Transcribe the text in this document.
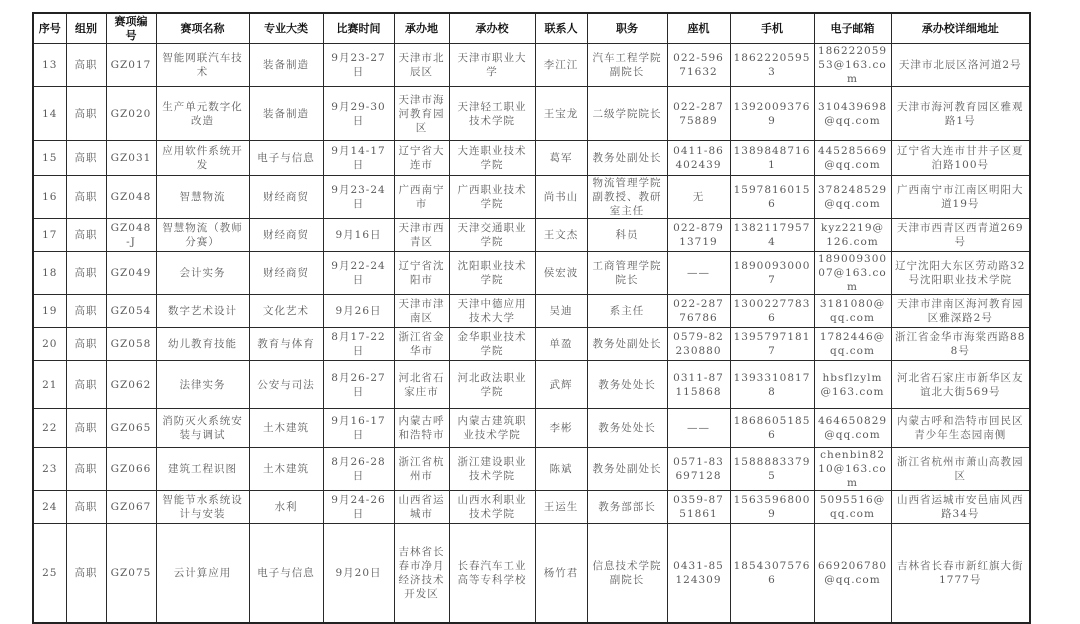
序号	组别	赛项编号	赛项名称	专业大类	比赛时间	承办地	承办校	联系人	职务	座机	手机	电子邮箱	承办校详细地址
13	高职	GZ017	智能网联汽车技术	装备制造	9月23-27日	天津市北辰区	天津市职业大学	李江江	汽车工程学院副院长	022-59671632	18622205953	18622205953@163.com	天津市北辰区洛河道2号
14	高职	GZ020	生产单元数字化改造	装备制造	9月29-30日	天津市海河教育园区	天津轻工职业技术学院	王宝龙	二级学院院长	022-28775889	13920093769	310439698@qq.com	天津市海河教育园区雅观路1号
15	高职	GZ031	应用软件系统开发	电子与信息	9月14-17日	辽宁省大连市	大连职业技术学院	葛军	教务处副处长	0411-86402439	13898487161	445285669@qq.com	辽宁省大连市甘井子区夏泊路100号
16	高职	GZ048	智慧物流	财经商贸	9月23-24日	广西南宁市	广西职业技术学院	尚书山	物流管理学院副教授、教研室主任	无	15978160156	378248529@qq.com	广西南宁市江南区明阳大道19号
17	高职	GZ048-J	智慧物流（教师分赛）	财经商贸	9月16日	天津市西青区	天津交通职业学院	王文杰	科员	022-87913719	13821179574	kyz2219@126.com	天津市西青区西青道269号
18	高职	GZ049	会计实务	财经商贸	9月22-24日	辽宁省沈阳市	沈阳职业技术学院	侯宏波	工商管理学院院长	——	18900930007	18900930007@163.com	辽宁沈阳大东区劳动路32号沈阳职业技术学院
19	高职	GZ054	数字艺术设计	文化艺术	9月26日	天津市津南区	天津中德应用技术大学	吴迪	系主任	022-28776786	13002277836	3181080@qq.com	天津市津南区海河教育园区雅深路2号
20	高职	GZ058	幼儿教育技能	教育与体育	8月17-22日	浙江省金华市	金华职业技术学院	单盈	教务处副处长	0579-82230880	13957971817	1782446@qq.com	浙江省金华市海棠西路888号
21	高职	GZ062	法律实务	公安与司法	8月26-27日	河北省石家庄市	河北政法职业学院	武辉	教务处处长	0311-87115868	13933108178	hbsflzylm@163.com	河北省石家庄市新华区友谊北大街569号
22	高职	GZ065	消防灭火系统安装与调试	土木建筑	9月16-17日	内蒙古呼和浩特市	内蒙古建筑职业技术学院	李彬	教务处处长	——	18686051856	464650829@qq.com	内蒙古呼和浩特市回民区青少年生态园南侧
23	高职	GZ066	建筑工程识图	土木建筑	8月26-28日	浙江省杭州市	浙江建设职业技术学院	陈斌	教务处副处长	0571-83697128	15888833795	chenbin8210@163.com	浙江省杭州市萧山高教园区
24	高职	GZ067	智能节水系统设计与安装	水利	9月24-26日	山西省运城市	山西水利职业技术学院	王运生	教务部部长	0359-8751861	15635968009	5095516@qq.com	山西省运城市安邑庙风西路34号
25	高职	GZ075	云计算应用	电子与信息	9月20日	吉林省长春市净月经济技术开发区	长春汽车工业高等专科学校	杨竹君	信息技术学院副院长	0431-85124309	18543075766	669206780@qq.com	吉林省长春市新红旗大街1777号
